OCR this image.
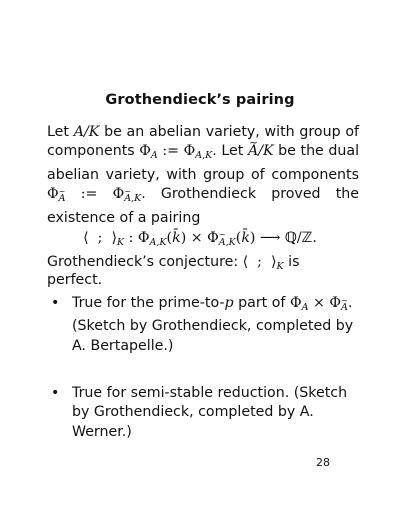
Grothendieck’s pairing
Let A/K be an abelian variety, with group of components $\Phi_A$ := $\Phi_{A,K}$. Let ~ A/K be the dual abelian variety, with group of components Φ~ $_A$ := Φ~ $_{A,K}$. Grothendieck proved the existence of a pairing
⟨  ;  $⟩_K$ : $\Phi_{A,K}(k̄)$ × Φ~ $_{A,K}$(k̄) ⟶ ℚ/ℤ.
Grothendieck’s conjecture: ⟨  ;  $⟩_K$ is perfect.
• True for the prime-to-p part of $\Phi_A$ × Φ~ $_A$. (Sketch by Grothendieck, completed by A. Bertapelle.)
• True for semi-stable reduction. (Sketch by Grothendieck, completed by A. Werner.)
28
